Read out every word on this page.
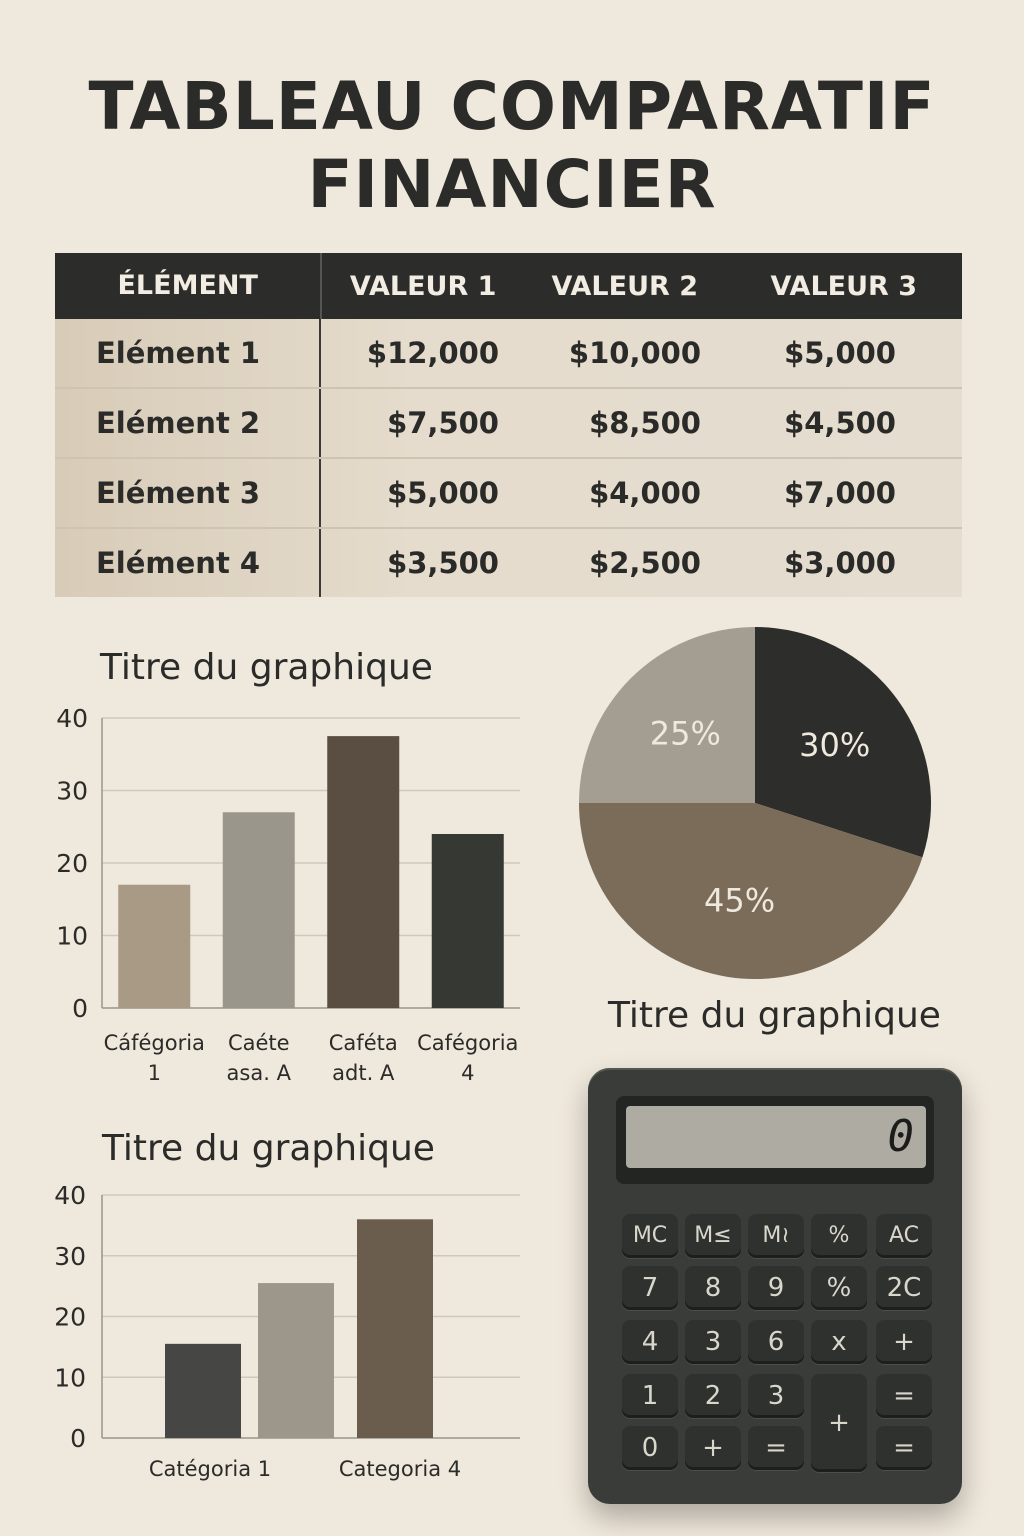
TABLEAU COMPARATIF
FINANCIER
ÉLÉMENT	VALEUR 1	VALEUR 2	VALEUR 3
Elément 1	$12,000	$10,000	$5,000
Elément 2	$7,500	$8,500	$4,500
Elément 3	$5,000	$4,000	$7,000
Elément 4	$3,500	$2,500	$3,000
Titre du graphique
0
10
20
30
40
Cáfégoria
1
Caéte
asa. A
Caféta
adt. A
Cafégoria
4
30%
45%
25%
Titre du graphique
Titre du graphique
0
10
20
30
40
Catégoria 1	Categoria 4
0
MC	M≤	M≀	%	AC
7	8	9	%	2C
4	3	6	x	+
1	2	3
+
=
0	+	=	=
